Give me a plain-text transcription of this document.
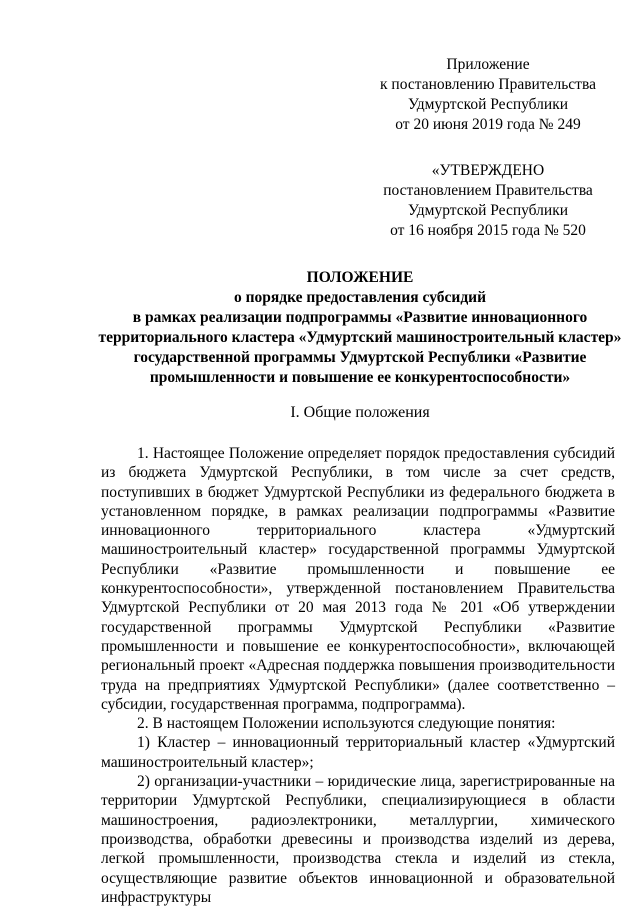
Приложение
к постановлению Правительства
Удмуртской Республики
от 20 июня 2019 года № 249
«УТВЕРЖДЕНО
постановлением Правительства
Удмуртской Республики
от 16 ноября 2015 года № 520
ПОЛОЖЕНИЕ
о порядке предоставления субсидий
в рамках реализации подпрограммы «Развитие инновационного
территориального кластера «Удмуртский машиностроительный кластер»
государственной программы Удмуртской Республики «Развитие
промышленности и повышение ее конкурентоспособности»
I. Общие положения

1. Настоящее Положение определяет порядок предоставления субсидий из бюджета Удмуртской Республики, в том числе за счет средств, поступивших в бюджет Удмуртской Республики из федерального бюджета в установленном порядке, в рамках реализации подпрограммы «Развитие инновационного территориального кластера «Удмуртский машиностроительный кластер» государственной программы Удмуртской Республики «Развитие промышленности и повышение ее конкурентоспособности», утвержденной постановлением Правительства Удмуртской Республики от 20 мая 2013 года № 201 «Об утверждении государственной программы Удмуртской Республики «Развитие промышленности и повышение ее конкурентоспособности», включающей региональный проект «Адресная поддержка повышения производительности труда на предприятиях Удмуртской Республики» (далее соответственно – субсидии, государственная программа, подпрограмма).

2. В настоящем Положении используются следующие понятия:

1) Кластер – инновационный территориальный кластер «Удмуртский машиностроительный кластер»;

2) организации-участники – юридические лица, зарегистрированные на территории Удмуртской Республики, специализирующиеся в области машиностроения, радиоэлектроники, металлургии, химического производства, обработки древесины и производства изделий из дерева, легкой промышленности, производства стекла и изделий из стекла, осуществляющие развитие объектов инновационной и образовательной инфраструктуры
